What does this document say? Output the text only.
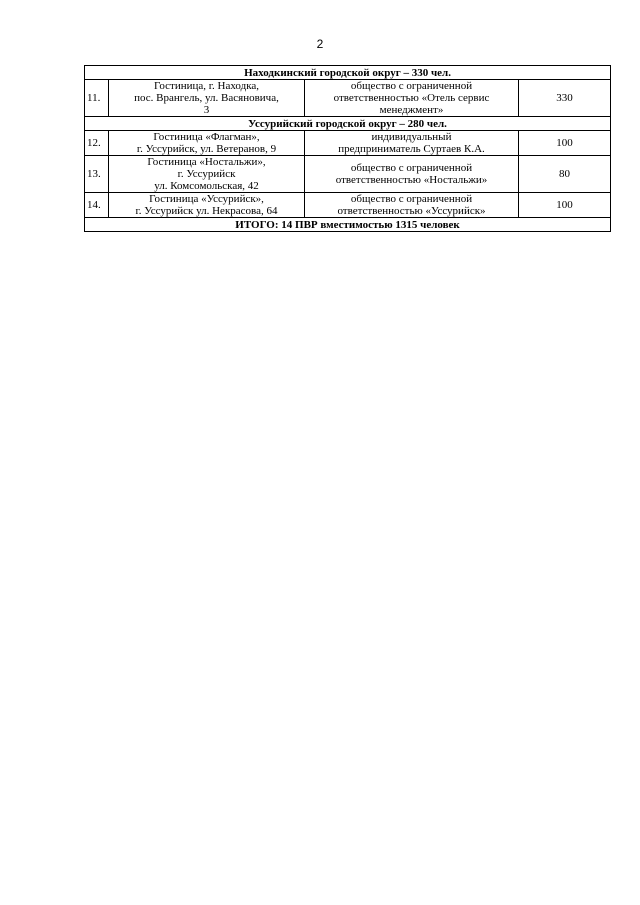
2
Находкинский городской округ – 330 чел.			
11.	Гостиница, г. Находка,
пос. Врангель, ул. Васяновича,
3	общество с ограниченной
ответственностью «Отель сервис
менеджмент»	330
Уссурийский городской округ – 280 чел.			
12.	Гостиница «Флагман»,
г. Уссурийск, ул. Ветеранов, 9	индивидуальный
предприниматель Суртаев К.А.	100
13.	Гостиница «Ностальжи»,
г. Уссурийск
ул. Комсомольская, 42	общество с ограниченной
ответственностью «Ностальжи»	80
14.	Гостиница «Уссурийск»,
г. Уссурийск ул. Некрасова, 64	общество с ограниченной
ответственностью «Уссурийск»	100
ИТОГО: 14 ПВР вместимостью 1315 человек			
